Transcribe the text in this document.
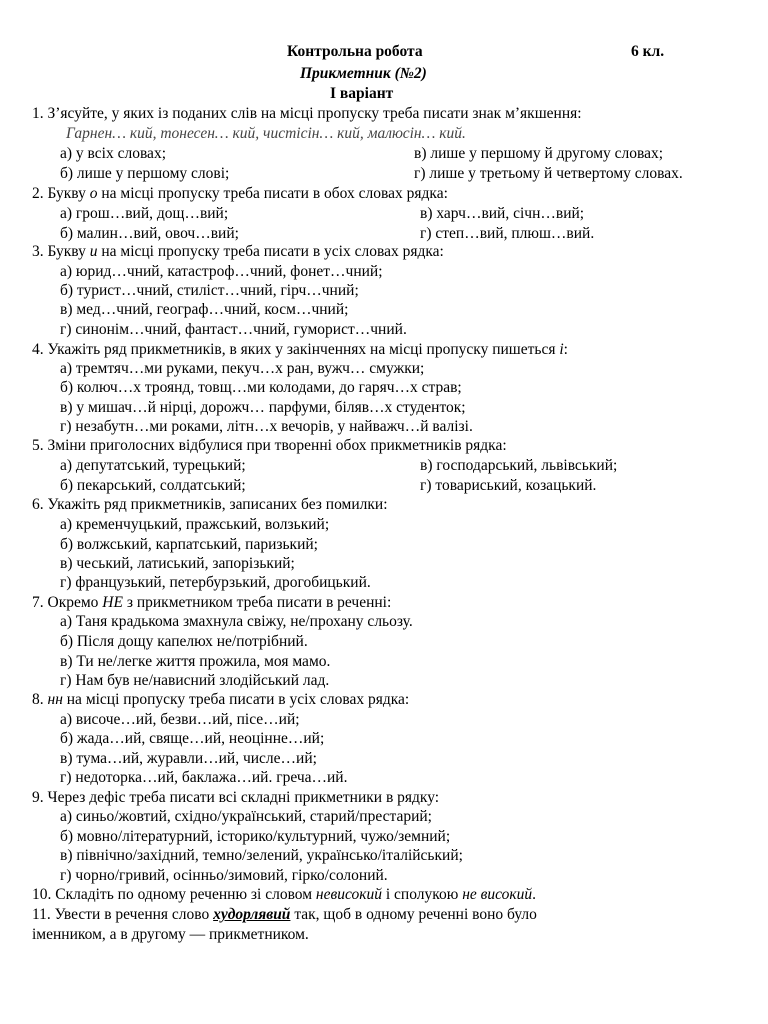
Контрольна робота	6 кл.
Прикметник (№2)
І варіант
1. З’ясуйте, у яких із поданих слів на місці пропуску треба писати знак м’якшення:
Гарнен… кий, тонесен… кий, чистісін… кий, малюсін… кий.
а) у всіх словах;	в) лише у першому й другому словах;
б) лише у першому слові;	г) лише у третьому й четвертому словах.
2. Букву о на місці пропуску треба писати в обох словах рядка:
а) грош…вий, дощ…вий;	в) харч…вий, січн…вий;
б) малин…вий, овоч…вий;	г) степ…вий, плюш…вий.
3. Букву и на місці пропуску треба писати в усіх словах рядка:
а) юрид…чний, катастроф…чний, фонет…чний;
б) турист…чний, стиліст…чний, гірч…чний;
в) мед…чний, географ…чний, косм…чний;
г) синонім…чний, фантаст…чний, гуморист…чний.
4. Укажіть ряд прикметників, в яких у закінченнях на місці пропуску пишеться і:
а) тремтяч…ми руками, пекуч…х ран, вужч… смужки;
б) колюч…х троянд, товщ…ми колодами, до гаряч…х страв;
в) у мишач…й нірці, дорожч… парфуми, біляв…х студенток;
г) незабутн…ми роками, літн…х вечорів, у найважч…й валізі.
5. Зміни приголосних відбулися при творенні обох прикметників рядка:
а) депутатський, турецький;	в) господарський, львівський;
б) пекарський, солдатський;	г) товариський, козацький.
6. Укажіть ряд прикметників, записаних без помилки:
а) кременчуцький, пражський, волзький;
б) волжський, карпатський, паризький;
в) чеський, латиський, запорізький;
г) французький, петербурзький, дрогобицький.
7. Окремо НЕ з прикметником треба писати в реченні:
а) Таня крадькома змахнула свіжу, не/прохану сльозу.
б) Після дощу капелюх не/потрібний.
в) Ти не/легке життя прожила, моя мамо.
г) Нам був не/нависний злодійський лад.
8. нн на місці пропуску треба писати в усіх словах рядка:
а) височе…ий, безви…ий, пісе…ий;
б) жада…ий, свяще…ий, неоціннe…ий;
в) тума…ий, журавли…ий, числе…ий;
г) недоторка…ий, баклажа…ий. греча…ий.
9. Через дефіс треба писати всі складні прикметники в рядку:
а) синьо/жовтий, східно/український, старий/престарий;
б) мовно/літературний, історико/культурний, чужо/земний;
в) північно/західний, темно/зелений, українсько/італійський;
г) чорно/гривий, осінньо/зимовий, гірко/солоний.
10. Складіть по одному реченню зі словом невисокий і сполукою не високий.
11. Увести в речення слово худорлявий так, щоб в одному реченні воно було
іменником, а в другому — прикметником.
